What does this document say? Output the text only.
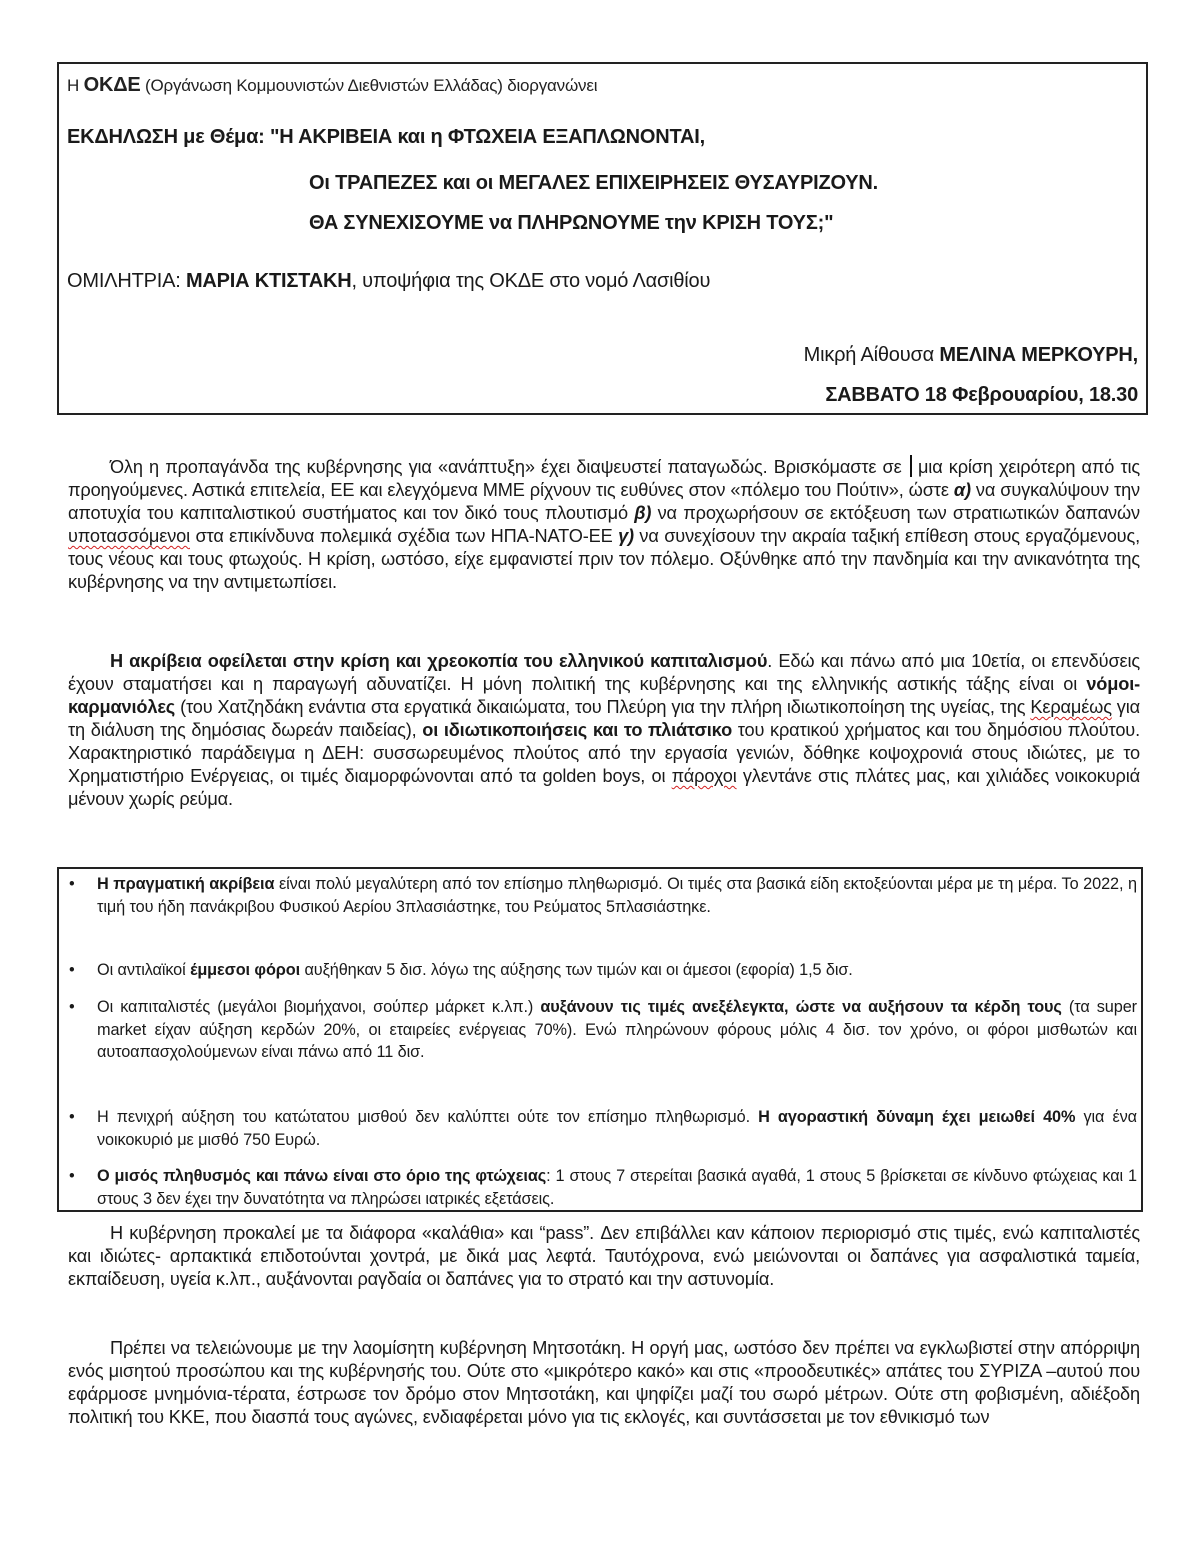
Η ΟΚΔΕ (Οργάνωση Κομμουνιστών Διεθνιστών Ελλάδας) διοργανώνει
ΕΚΔΗΛΩΣΗ με Θέμα: "Η ΑΚΡΙΒΕΙΑ και η ΦΤΩΧΕΙΑ ΕΞΑΠΛΩΝΟΝΤΑΙ,
Οι ΤΡΑΠΕΖΕΣ και οι ΜΕΓΑΛΕΣ ΕΠΙΧΕΙΡΗΣΕΙΣ ΘΥΣΑΥΡΙΖΟΥΝ.
ΘΑ ΣΥΝΕΧΙΣΟΥΜΕ να ΠΛΗΡΩΝΟΥΜΕ την ΚΡΙΣΗ ΤΟΥΣ;"
ΟΜΙΛΗΤΡΙΑ: ΜΑΡΙΑ ΚΤΙΣΤΑΚΗ, υποψήφια της ΟΚΔΕ στο νομό Λασιθίου
Μικρή Αίθουσα ΜΕΛΙΝΑ ΜΕΡΚΟΥΡΗ,
ΣΑΒΒΑΤΟ 18 Φεβρουαρίου, 18.30
Όλη η προπαγάνδα της κυβέρνησης για «ανάπτυξη» έχει διαψευστεί παταγωδώς. Βρισκόμαστε σε  μια κρίση χειρότερη από τις προηγούμενες. Αστικά επιτελεία, ΕΕ και ελεγχόμενα ΜΜΕ ρίχνουν τις ευθύνες στον «πόλεμο του Πούτιν», ώστε α) να συγκαλύψουν την αποτυχία του καπιταλιστικού συστήματος και τον δικό τους πλουτισμό β) να προχωρήσουν σε εκτόξευση των στρατιωτικών δαπανών υποτασσόμενοι στα επικίνδυνα πολεμικά σχέδια των ΗΠΑ-ΝΑΤΟ-ΕΕ γ) να συνεχίσουν την ακραία ταξική επίθεση στους εργαζόμενους, τους νέους και τους φτωχούς. Η κρίση, ωστόσο, είχε εμφανιστεί πριν τον πόλεμο. Οξύνθηκε από την πανδημία και την ανικανότητα της κυβέρνησης να την αντιμετωπίσει.
Η ακρίβεια οφείλεται στην κρίση και χρεοκοπία του ελληνικού καπιταλισμού. Εδώ και πάνω από μια 10ετία, οι επενδύσεις έχουν σταματήσει και η παραγωγή αδυνατίζει. Η μόνη πολιτική της κυβέρνησης και της ελληνικής αστικής τάξης είναι οι νόμοι-καρμανιόλες (του Χατζηδάκη ενάντια στα εργατικά δικαιώματα, του Πλεύρη για την πλήρη ιδιωτικοποίηση της υγείας, της Κεραμέως για τη διάλυση της δημόσιας δωρεάν παιδείας), οι ιδιωτικοποιήσεις και το πλιάτσικο του κρατικού χρήματος και του δημόσιου πλούτου. Χαρακτηριστικό παράδειγμα η ΔΕΗ: συσσωρευμένος πλούτος από την εργασία γενιών, δόθηκε κοψοχρονιά στους ιδιώτες, με το Χρηματιστήριο Ενέργειας, οι τιμές διαμορφώνονται από τα golden boys, οι πάροχοι γλεντάνε στις πλάτες μας, και χιλιάδες νοικοκυριά μένουν χωρίς ρεύμα.
• Η πραγματική ακρίβεια είναι πολύ μεγαλύτερη από τον επίσημο πληθωρισμό. Οι τιμές στα βασικά είδη εκτοξεύονται μέρα με τη μέρα. Το 2022, η τιμή του ήδη πανάκριβου Φυσικού Αερίου 3πλασιάστηκε, του Ρεύματος 5πλασιάστηκε.
• Οι αντιλαϊκοί έμμεσοι φόροι αυξήθηκαν 5 δισ. λόγω της αύξησης των τιμών και οι άμεσοι (εφορία) 1,5 δισ.
• Οι καπιταλιστές (μεγάλοι βιομήχανοι, σούπερ μάρκετ κ.λπ.) αυξάνουν τις τιμές ανεξέλεγκτα, ώστε να αυξήσουν τα κέρδη τους (τα super market είχαν αύξηση κερδών 20%, οι εταιρείες ενέργειας 70%). Ενώ πληρώνουν φόρους μόλις 4 δισ. τον χρόνο, οι φόροι μισθωτών και αυτοαπασχολούμενων είναι πάνω από 11 δισ.
• Η πενιχρή αύξηση του κατώτατου μισθού δεν καλύπτει ούτε τον επίσημο πληθωρισμό. Η αγοραστική δύναμη έχει μειωθεί 40% για ένα νοικοκυριό με μισθό 750 Ευρώ.
• Ο μισός πληθυσμός και πάνω είναι στο όριο της φτώχειας: 1 στους 7 στερείται βασικά αγαθά, 1 στους 5 βρίσκεται σε κίνδυνο φτώχειας και 1 στους 3 δεν έχει την δυνατότητα να πληρώσει ιατρικές εξετάσεις.
Η κυβέρνηση προκαλεί με τα διάφορα «καλάθια» και “pass”. Δεν επιβάλλει καν κάποιον περιορισμό στις τιμές, ενώ καπιταλιστές και ιδιώτες- αρπακτικά επιδοτούνται χοντρά, με δικά μας λεφτά. Ταυτόχρονα, ενώ μειώνονται οι δαπάνες για ασφαλιστικά ταμεία, εκπαίδευση, υγεία κ.λπ., αυξάνονται ραγδαία οι δαπάνες για το στρατό και την αστυνομία.
Πρέπει να τελειώνουμε με την λαομίσητη κυβέρνηση Μητσοτάκη. Η οργή μας, ωστόσο δεν πρέπει να εγκλωβιστεί στην απόρριψη ενός μισητού προσώπου και της κυβέρνησής του. Ούτε στο «μικρότερο κακό» και στις «προοδευτικές» απάτες του ΣΥΡΙΖΑ –αυτού που εφάρμοσε μνημόνια-τέρατα, έστρωσε τον δρόμο στον Μητσοτάκη, και ψηφίζει μαζί του σωρό μέτρων. Ούτε στη φοβισμένη, αδιέξοδη πολιτική του ΚΚΕ, που διασπά τους αγώνες, ενδιαφέρεται μόνο για τις εκλογές, και συντάσσεται με τον εθνικισμό των
